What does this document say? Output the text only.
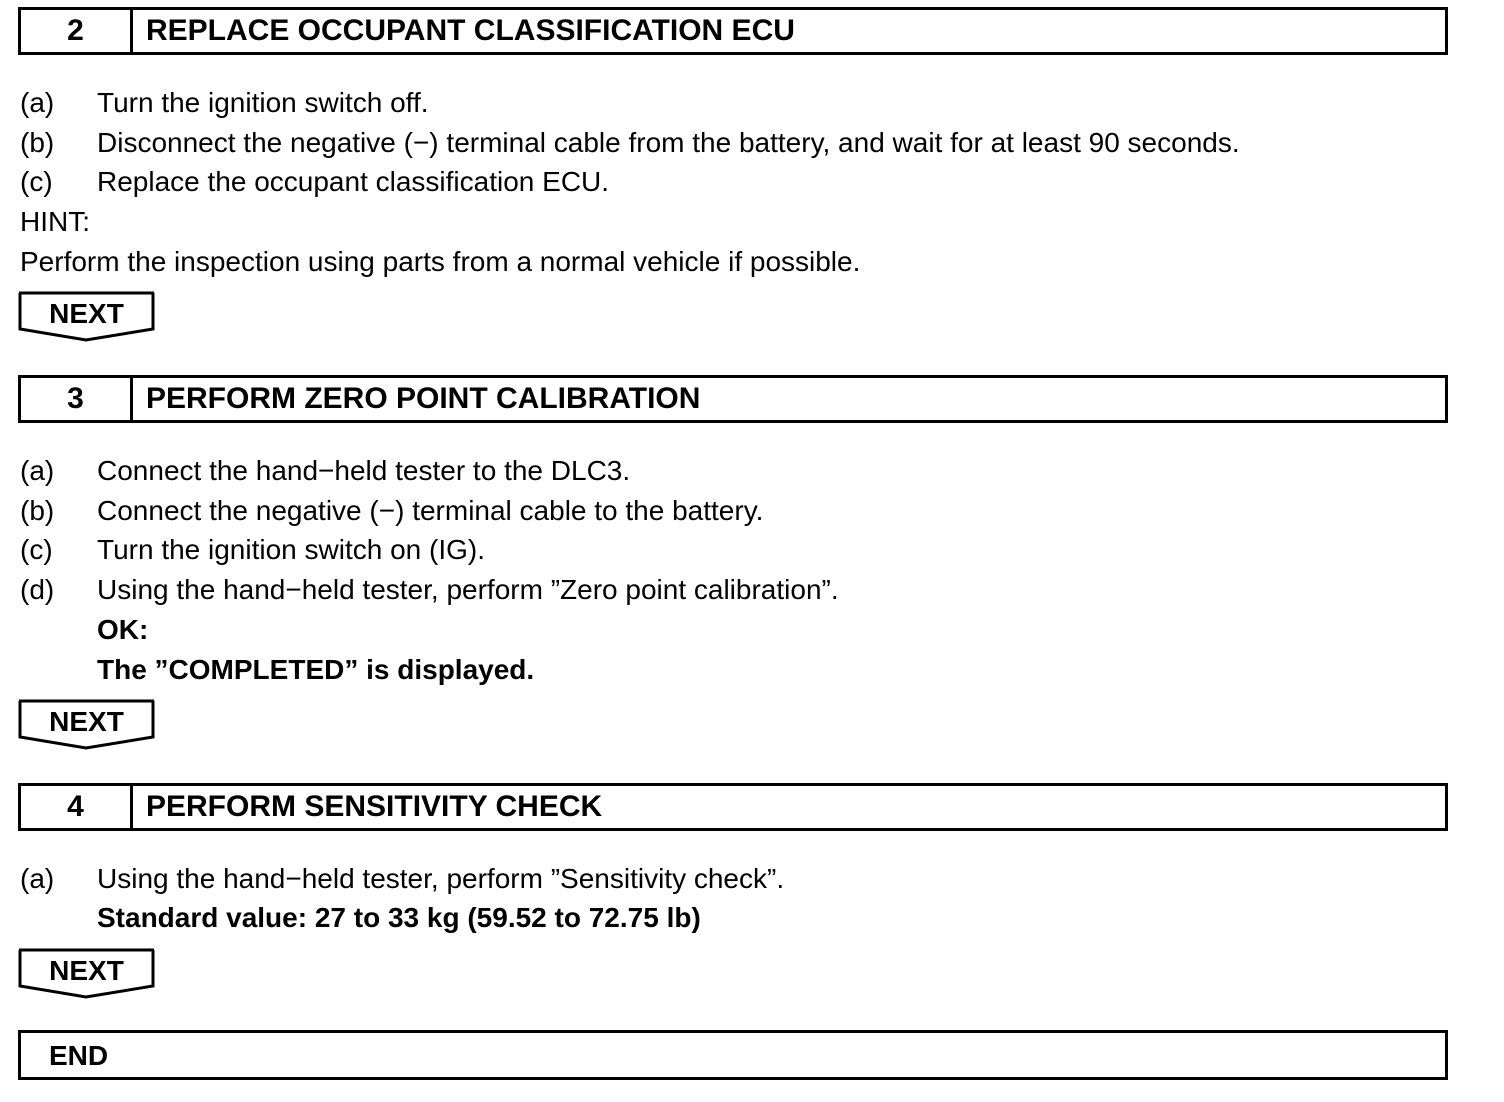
2	REPLACE OCCUPANT CLASSIFICATION ECU
(a) Turn the ignition switch off.
(b) Disconnect the negative (−) terminal cable from the battery, and wait for at least 90 seconds.
(c) Replace the occupant classification ECU.
HINT:
Perform the inspection using parts from a normal vehicle if possible.
NEXT
3	PERFORM ZERO POINT CALIBRATION
(a) Connect the hand−held tester to the DLC3.
(b) Connect the negative (−) terminal cable to the battery.
(c) Turn the ignition switch on (IG).
(d) Using the hand−held tester, perform ”Zero point calibration”.
OK:
The ”COMPLETED” is displayed.
NEXT
4	PERFORM SENSITIVITY CHECK
(a) Using the hand−held tester, perform ”Sensitivity check”.
Standard value: 27 to 33 kg (59.52 to 72.75 lb)
NEXT
END
